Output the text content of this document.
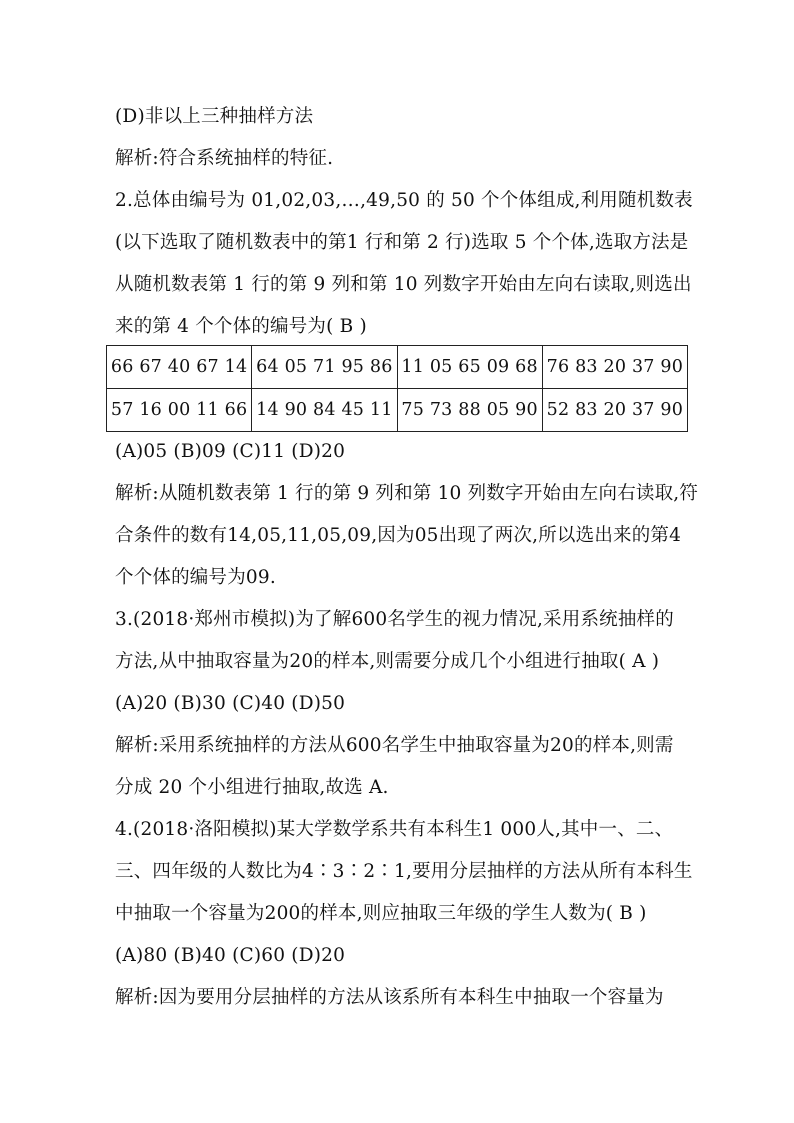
(D)非以上三种抽样方法
解析:符合系统抽样的特征.
2.总体由编号为 01,02,03,…,49,50 的 50 个个体组成,利用随机数表
(以下选取了随机数表中的第1 行和第 2 行)选取 5 个个体,选取方法是
从随机数表第 1 行的第 9 列和第 10 列数字开始由左向右读取,则选出
来的第 4 个个体的编号为( B )
66 67 40 67 14	64 05 71 95 86	11 05 65 09 68	76 83 20 37 90
57 16 00 11 66	14 90 84 45 11	75 73 88 05 90	52 83 20 37 90
(A)05 (B)09 (C)11 (D)20
解析:从随机数表第 1 行的第 9 列和第 10 列数字开始由左向右读取,符
合条件的数有14,05,11,05,09,因为05出现了两次,所以选出来的第4
个个体的编号为09.
3.(2018·郑州市模拟)为了解600名学生的视力情况,采用系统抽样的
方法,从中抽取容量为20的样本,则需要分成几个小组进行抽取( A )
(A)20 (B)30 (C)40 (D)50
解析:采用系统抽样的方法从600名学生中抽取容量为20的样本,则需
分成 20 个小组进行抽取,故选 A.
4.(2018·洛阳模拟)某大学数学系共有本科生1 000人,其中一、二、
三、四年级的人数比为4∶3∶2∶1,要用分层抽样的方法从所有本科生
中抽取一个容量为200的样本,则应抽取三年级的学生人数为( B )
(A)80 (B)40 (C)60 (D)20
解析:因为要用分层抽样的方法从该系所有本科生中抽取一个容量为
